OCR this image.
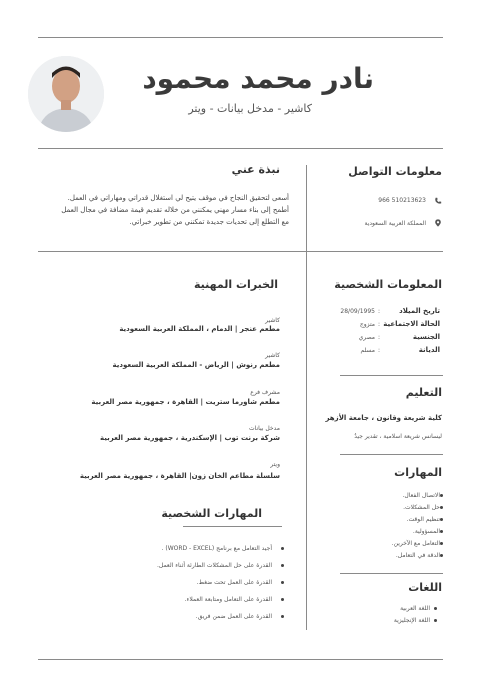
نادر محمد محمود
كاشير - مدخل بيانات - ويتر
نبذة عني
أسعى لتحقيق النجاح في موقف يتيح لي استغلال قدراتي ومهاراتي في العمل.
أطمح إلى بناء مسار مهني يمكنني من خلاله تقديم قيمة مضافة في مجال العمل
مع التطلع إلى تحديات جديدة تمكنني من تطوير خبراتي.
معلومات التواصل
966 510213623
المملكة العربية السعودية
المعلومات الشخصية
تاريخ الميلاد
:
28/09/1995
الحالة الاجتماعية
:
متزوج
الجنسية
:
مصري
الديانة
:
مسلم
التعليم
كلية شريعة وقانون ، جامعة الأزهر
ليسانس شريعة اسلامية ، تقدير جيدٌ
المهارات
الاتصال الفعال.
حل المشكلات.
تنظيم الوقت.
المسؤولية.
التعامل مع الآخرين.
الدقة في التعامل.
اللغات
اللغة العربية
اللغة الإنجليزية
الخبرات المهنية
كاشير
مطعم عنجر | الدمام ، المملكة العربية السعودية
كاشير
مطعم رنوش | الرياض - المملكة العربية السعودية
مشرف فرع
مطعم شاورما ستريت | القاهرة ، جمهورية مصر العربية
مدخل بيانات
شركة برنت توب | الإسكندرية ، جمهورية مصر العربية
ويتر
سلسلة مطاعم الخان زون| القاهرة ، جمهورية مصر العربية
المهارات الشخصية
أجيد التعامل مع برنامج (WORD - EXCEL) .
القدرة على حل المشكلات الطارئة أثناء العمل.
القدرة على العمل تحت ضغط.
القدرة على التعامل ومتابعة العملاء.
القدرة على العمل ضمن فريق.
